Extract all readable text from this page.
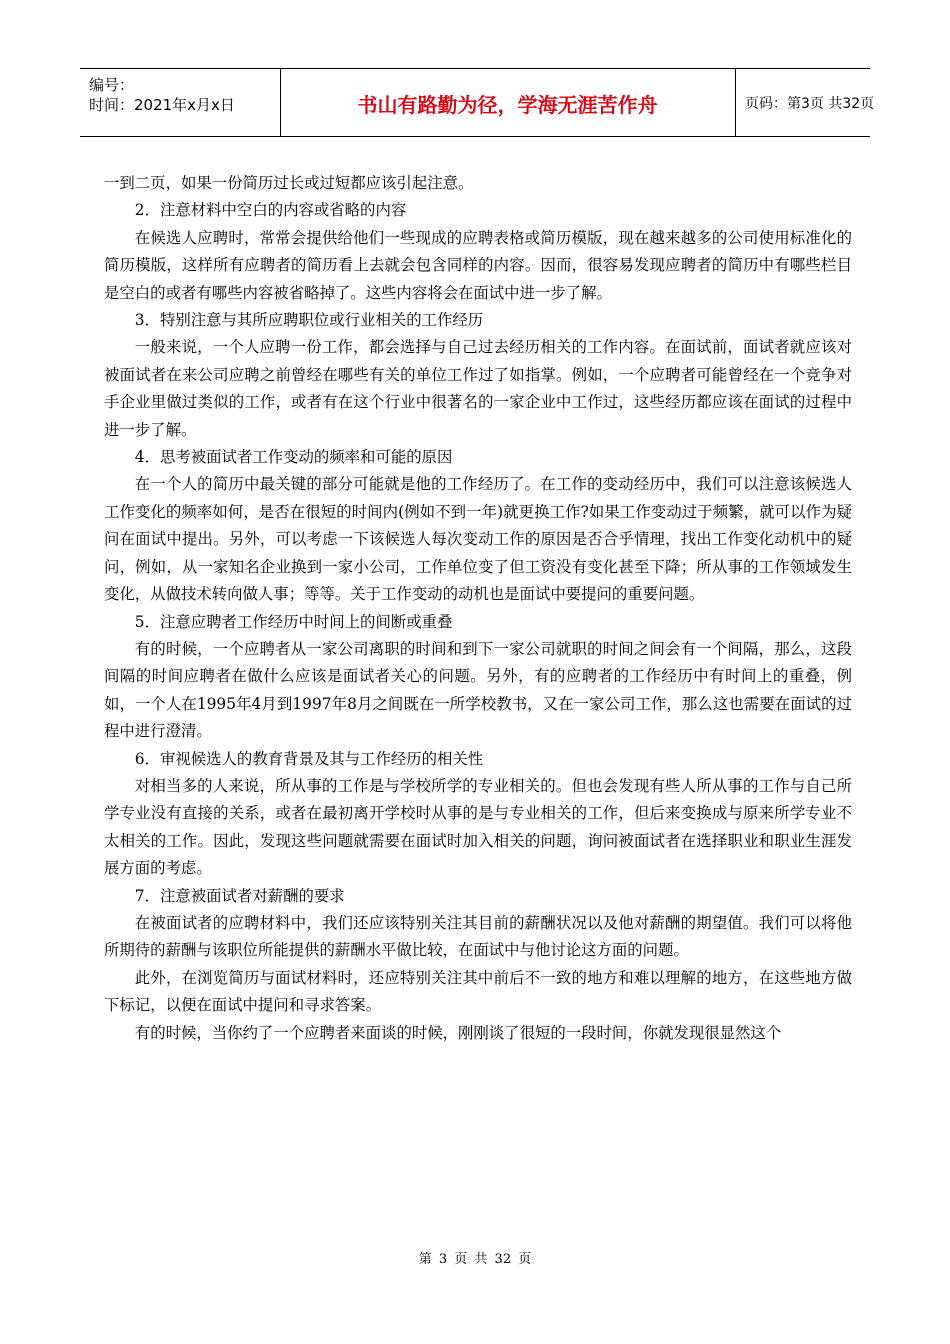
编号：
时间：2021年x月x日	书山有路勤为径，学海无涯苦作舟	页码：第3页 共32页

一到二页，如果一份简历过长或过短都应该引起注意。

2．注意材料中空白的内容或省略的内容

在候选人应聘时，常常会提供给他们一些现成的应聘表格或简历模版，现在越来越多的公司使用标准化的简历模版，这样所有应聘者的简历看上去就会包含同样的内容。因而，很容易发现应聘者的简历中有哪些栏目是空白的或者有哪些内容被省略掉了。这些内容将会在面试中进一步了解。

3．特别注意与其所应聘职位或行业相关的工作经历

一般来说，一个人应聘一份工作，都会选择与自己过去经历相关的工作内容。在面试前，面试者就应该对被面试者在来公司应聘之前曾经在哪些有关的单位工作过了如指掌。例如，一个应聘者可能曾经在一个竞争对手企业里做过类似的工作，或者有在这个行业中很著名的一家企业中工作过，这些经历都应该在面试的过程中进一步了解。

4．思考被面试者工作变动的频率和可能的原因

在一个人的简历中最关键的部分可能就是他的工作经历了。在工作的变动经历中，我们可以注意该候选人工作变化的频率如何，是否在很短的时间内(例如不到一年)就更换工作?如果工作变动过于频繁，就可以作为疑问在面试中提出。另外，可以考虑一下该候选人每次变动工作的原因是否合乎情理，找出工作变化动机中的疑问，例如，从一家知名企业换到一家小公司，工作单位变了但工资没有变化甚至下降；所从事的工作领域发生变化，从做技术转向做人事；等等。关于工作变动的动机也是面试中要提问的重要问题。

5．注意应聘者工作经历中时间上的间断或重叠

有的时候，一个应聘者从一家公司离职的时间和到下一家公司就职的时间之间会有一个间隔，那么，这段间隔的时间应聘者在做什么应该是面试者关心的问题。另外，有的应聘者的工作经历中有时间上的重叠，例如，一个人在1995年4月到1997年8月之间既在一所学校教书，又在一家公司工作，那么这也需要在面试的过程中进行澄清。

6．审视候选人的教育背景及其与工作经历的相关性

对相当多的人来说，所从事的工作是与学校所学的专业相关的。但也会发现有些人所从事的工作与自己所学专业没有直接的关系，或者在最初离开学校时从事的是与专业相关的工作，但后来变换成与原来所学专业不太相关的工作。因此，发现这些问题就需要在面试时加入相关的问题，询问被面试者在选择职业和职业生涯发展方面的考虑。

7．注意被面试者对薪酬的要求

在被面试者的应聘材料中，我们还应该特别关注其目前的薪酬状况以及他对薪酬的期望值。我们可以将他所期待的薪酬与该职位所能提供的薪酬水平做比较，在面试中与他讨论这方面的问题。

此外，在浏览简历与面试材料时，还应特别关注其中前后不一致的地方和难以理解的地方，在这些地方做下标记，以便在面试中提问和寻求答案。

有的时候，当你约了一个应聘者来面谈的时候，刚刚谈了很短的一段时间，你就发现很显然这个

第 3 页 共 32 页
